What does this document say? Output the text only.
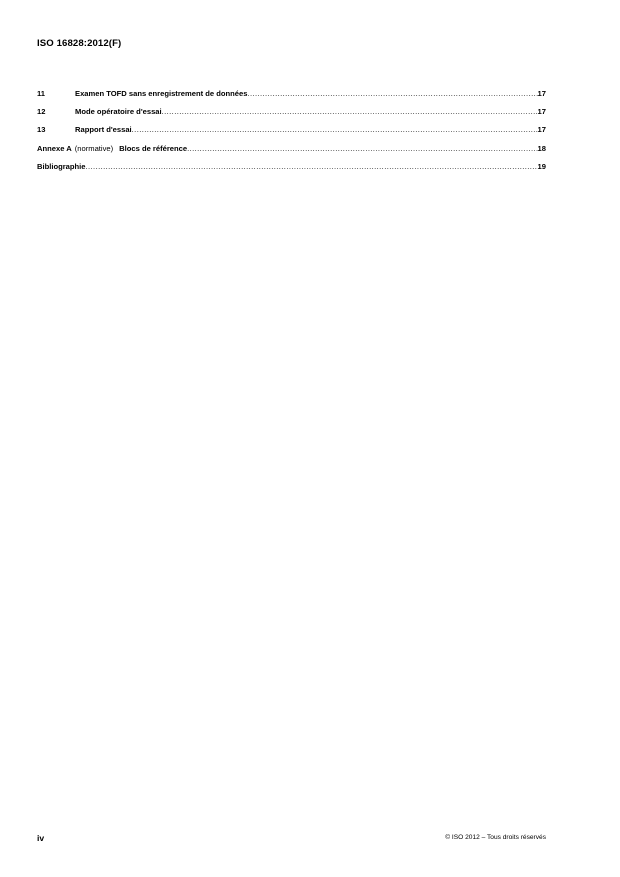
ISO 16828:2012(F)
11	Examen TOFD sans enregistrement de données .....	17
12	Mode opératoire d'essai .....	17
13	Rapport d'essai .....	17
Annexe A (normative) Blocs de référence .....	18
Bibliographie .....	19
iv	© ISO 2012 – Tous droits réservés
